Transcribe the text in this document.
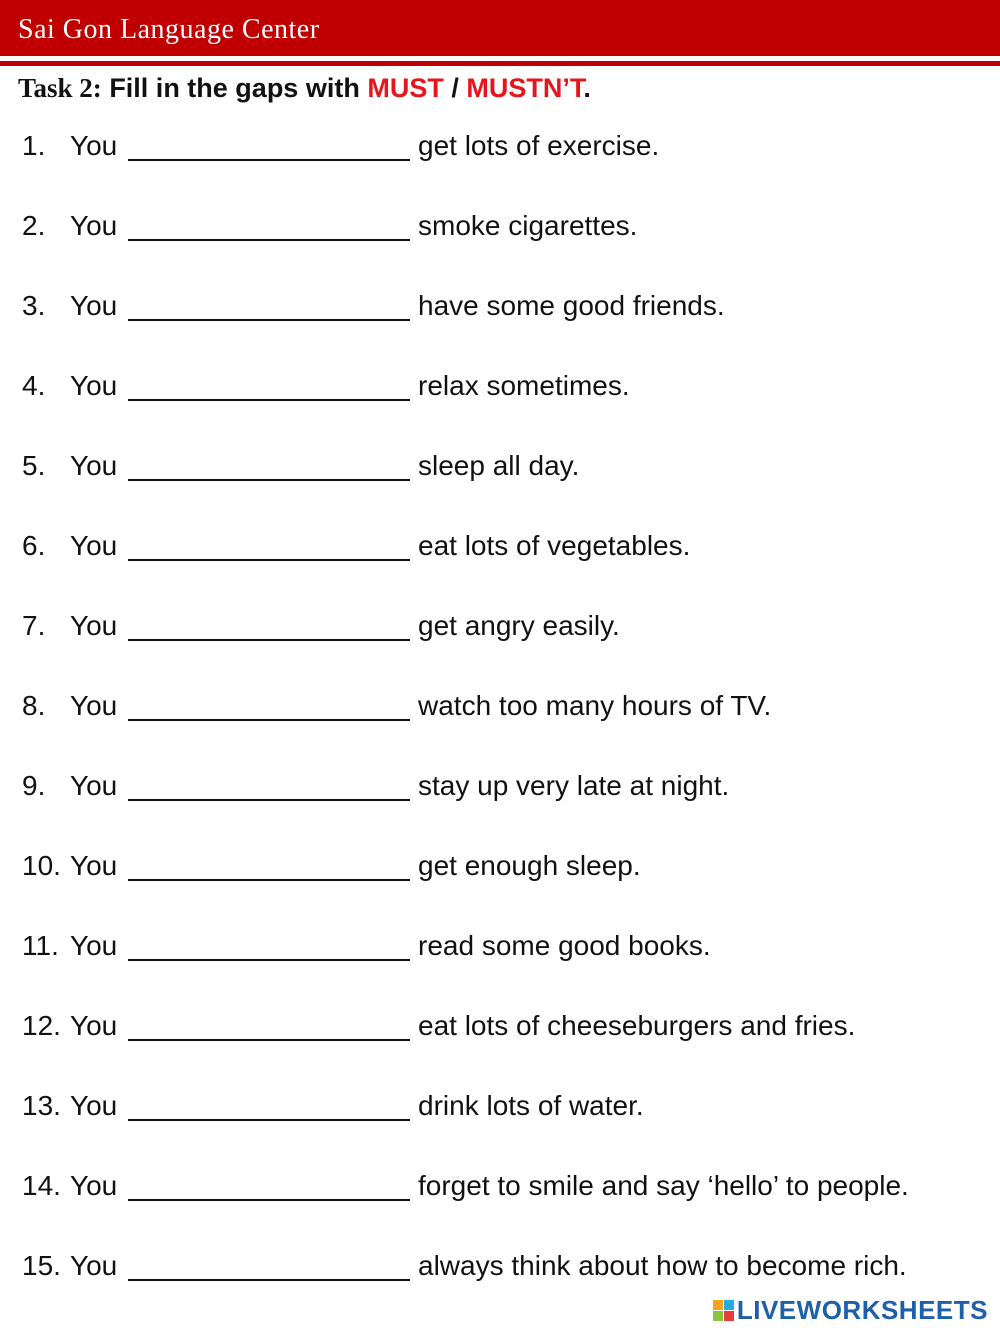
Sai Gon Language Center
Task 2: Fill in the gaps with MUST / MUSTN’T.
1. You	get lots of exercise.
2. You	smoke cigarettes.
3. You	have some good friends.
4. You	relax sometimes.
5. You	sleep all day.
6. You	eat lots of vegetables.
7. You	get angry easily.
8. You	watch too many hours of TV.
9. You	stay up very late at night.
10. You	get enough sleep.
11. You	read some good books.
12. You	eat lots of cheeseburgers and fries.
13. You	drink lots of water.
14. You	forget to smile and say ‘hello’ to people.
15. You	always think about how to become rich.
LIVEWORKSHEETS
